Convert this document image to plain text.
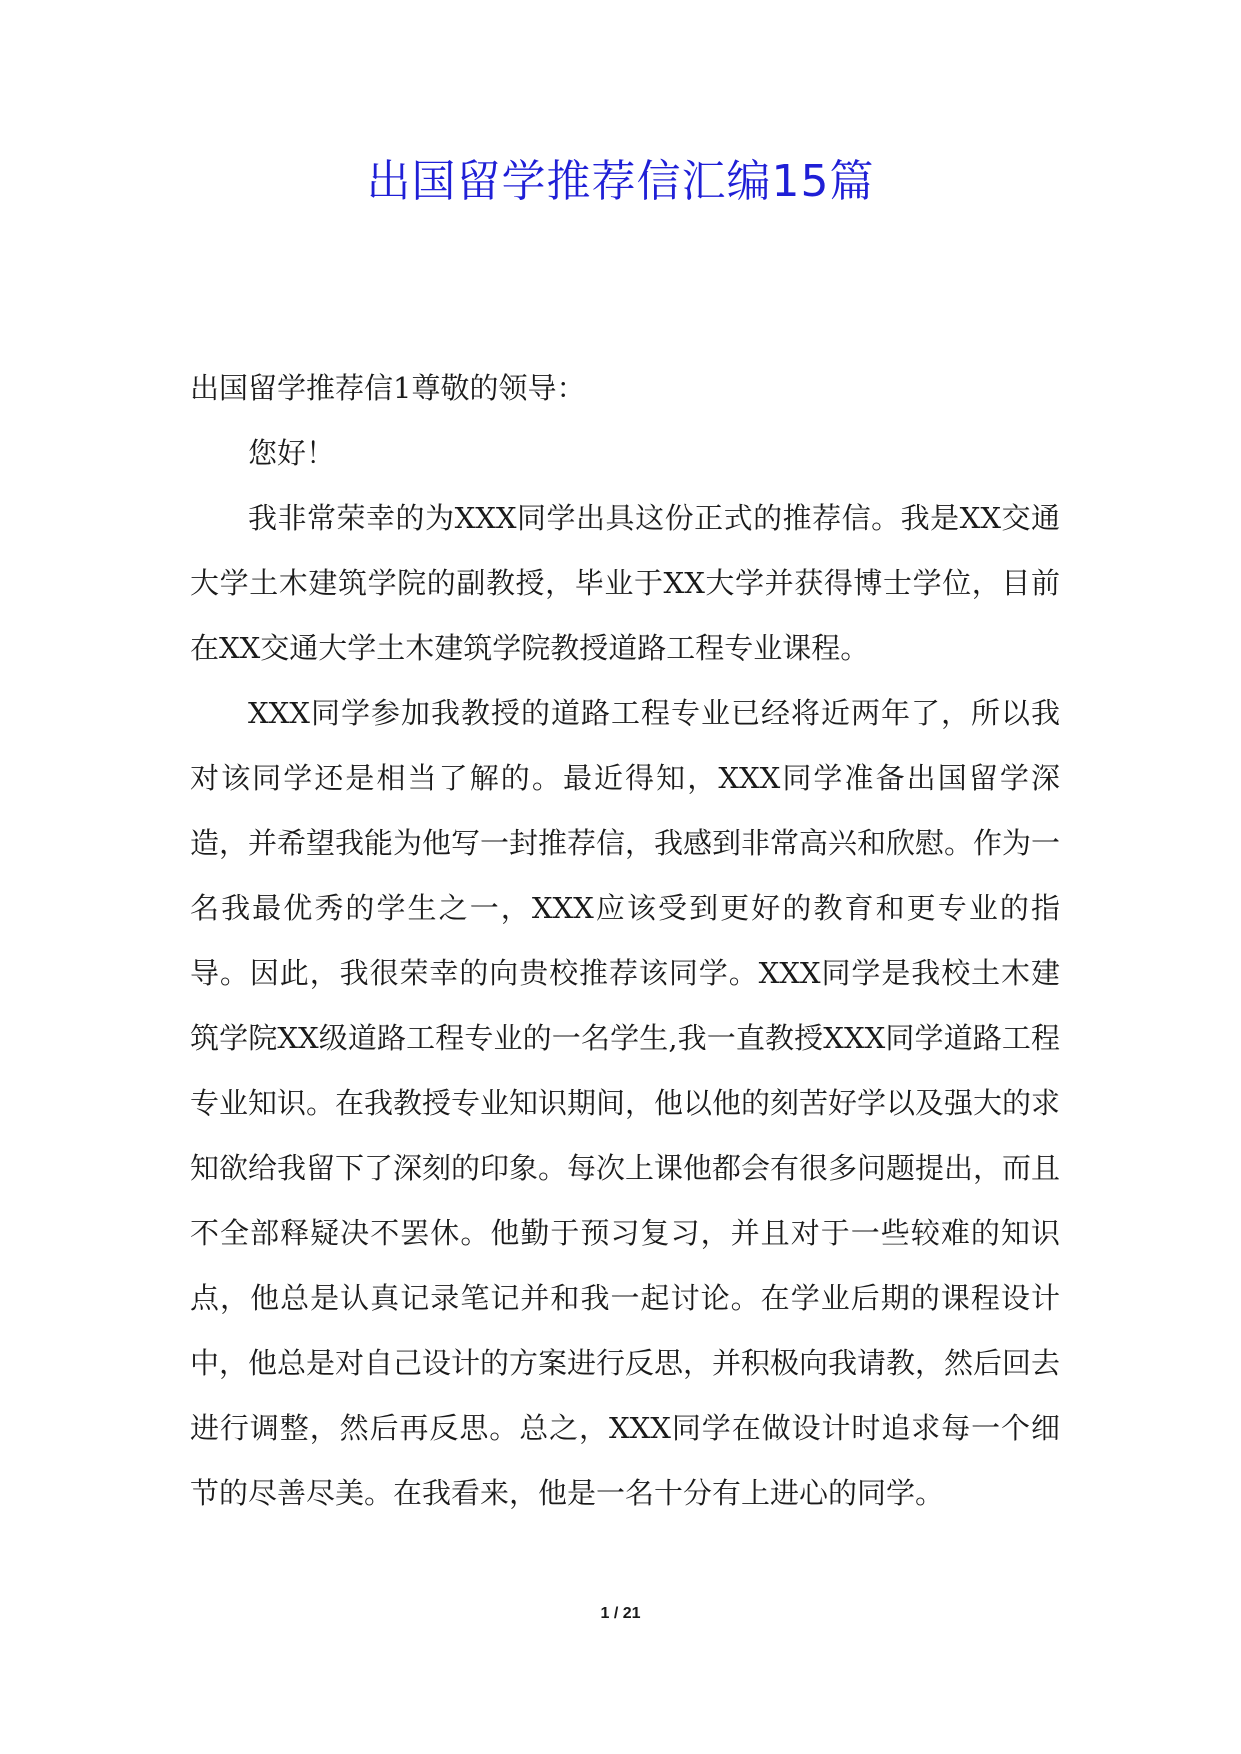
出国留学推荐信汇编15篇

出国留学推荐信1尊敬的领导：

您好！

我非常荣幸的为XXX同学出具这份正式的推荐信。我是XX交通大学土木建筑学院的副教授，毕业于XX大学并获得博士学位，目前在XX交通大学土木建筑学院教授道路工程专业课程。

XXX同学参加我教授的道路工程专业已经将近两年了，所以我对该同学还是相当了解的。最近得知，XXX同学准备出国留学深造，并希望我能为他写一封推荐信，我感到非常高兴和欣慰。作为一名我最优秀的学生之一，XXX应该受到更好的教育和更专业的指导。因此，我很荣幸的向贵校推荐该同学。XXX同学是我校土木建筑学院XX级道路工程专业的一名学生,我一直教授XXX同学道路工程专业知识。在我教授专业知识期间，他以他的刻苦好学以及强大的求知欲给我留下了深刻的印象。每次上课他都会有很多问题提出，而且不全部释疑决不罢休。他勤于预习复习，并且对于一些较难的知识点，他总是认真记录笔记并和我一起讨论。在学业后期的课程设计中，他总是对自己设计的方案进行反思，并积极向我请教，然后回去进行调整，然后再反思。总之，XXX同学在做设计时追求每一个细节的尽善尽美。在我看来，他是一名十分有上进心的同学。

1 / 21
